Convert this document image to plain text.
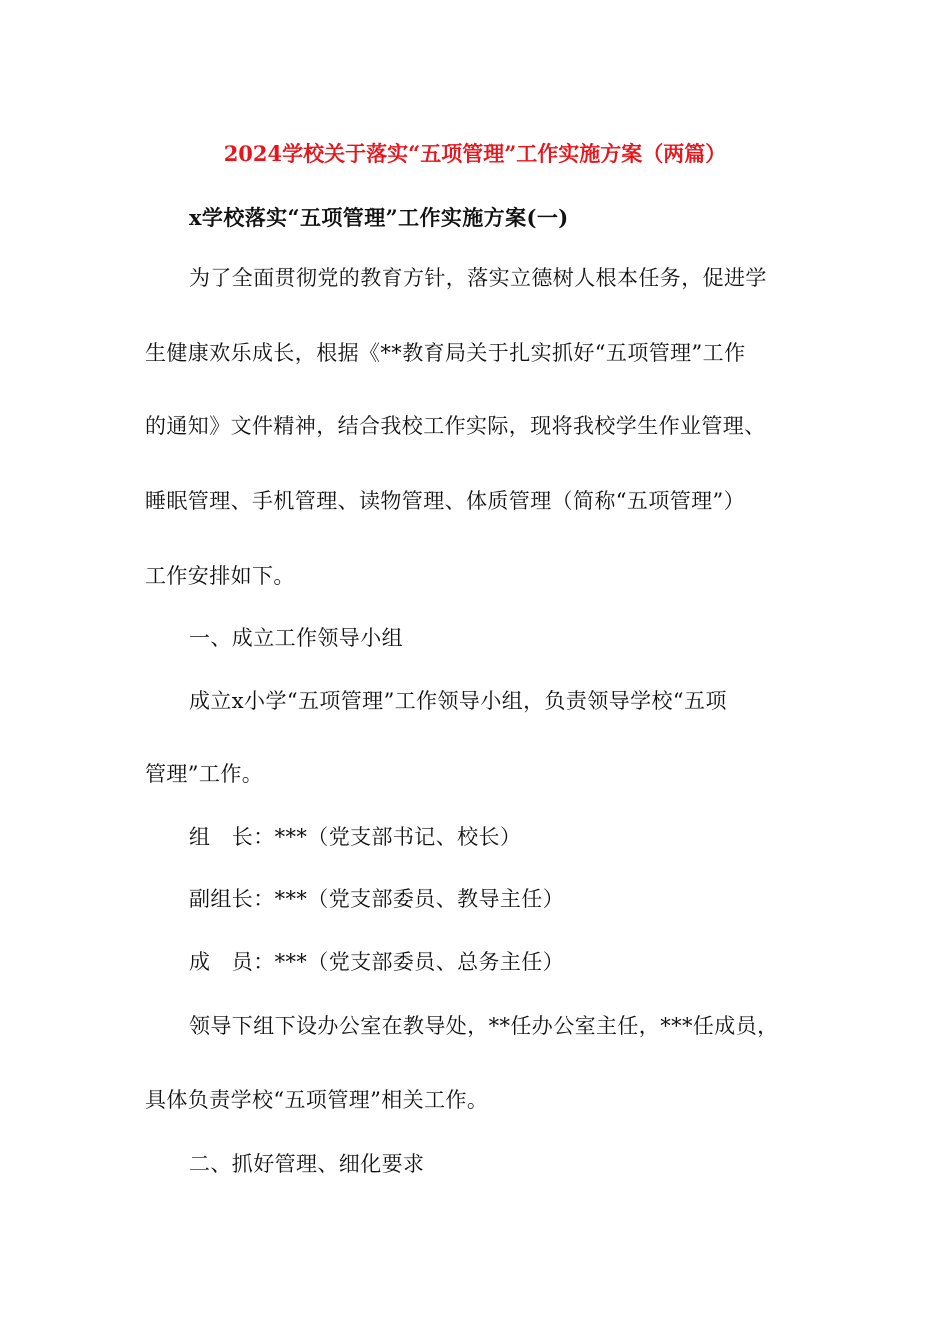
2024学校关于落实“五项管理”工作实施方案（两篇）
x学校落实“五项管理”工作实施方案(一)
为了全面贯彻党的教育方针，落实立德树人根本任务，促进学
生健康欢乐成长，根据《**教育局关于扎实抓好“五项管理”工作
的通知》文件精神，结合我校工作实际，现将我校学生作业管理、
睡眠管理、手机管理、读物管理、体质管理（简称“五项管理”）
工作安排如下。
一、成立工作领导小组
成立x小学“五项管理”工作领导小组，负责领导学校“五项
管理”工作。
组　长：***（党支部书记、校长）
副组长：***（党支部委员、教导主任）
成　员：***（党支部委员、总务主任）
领导下组下设办公室在教导处，**任办公室主任，***任成员，
具体负责学校“五项管理”相关工作。
二、抓好管理、细化要求
